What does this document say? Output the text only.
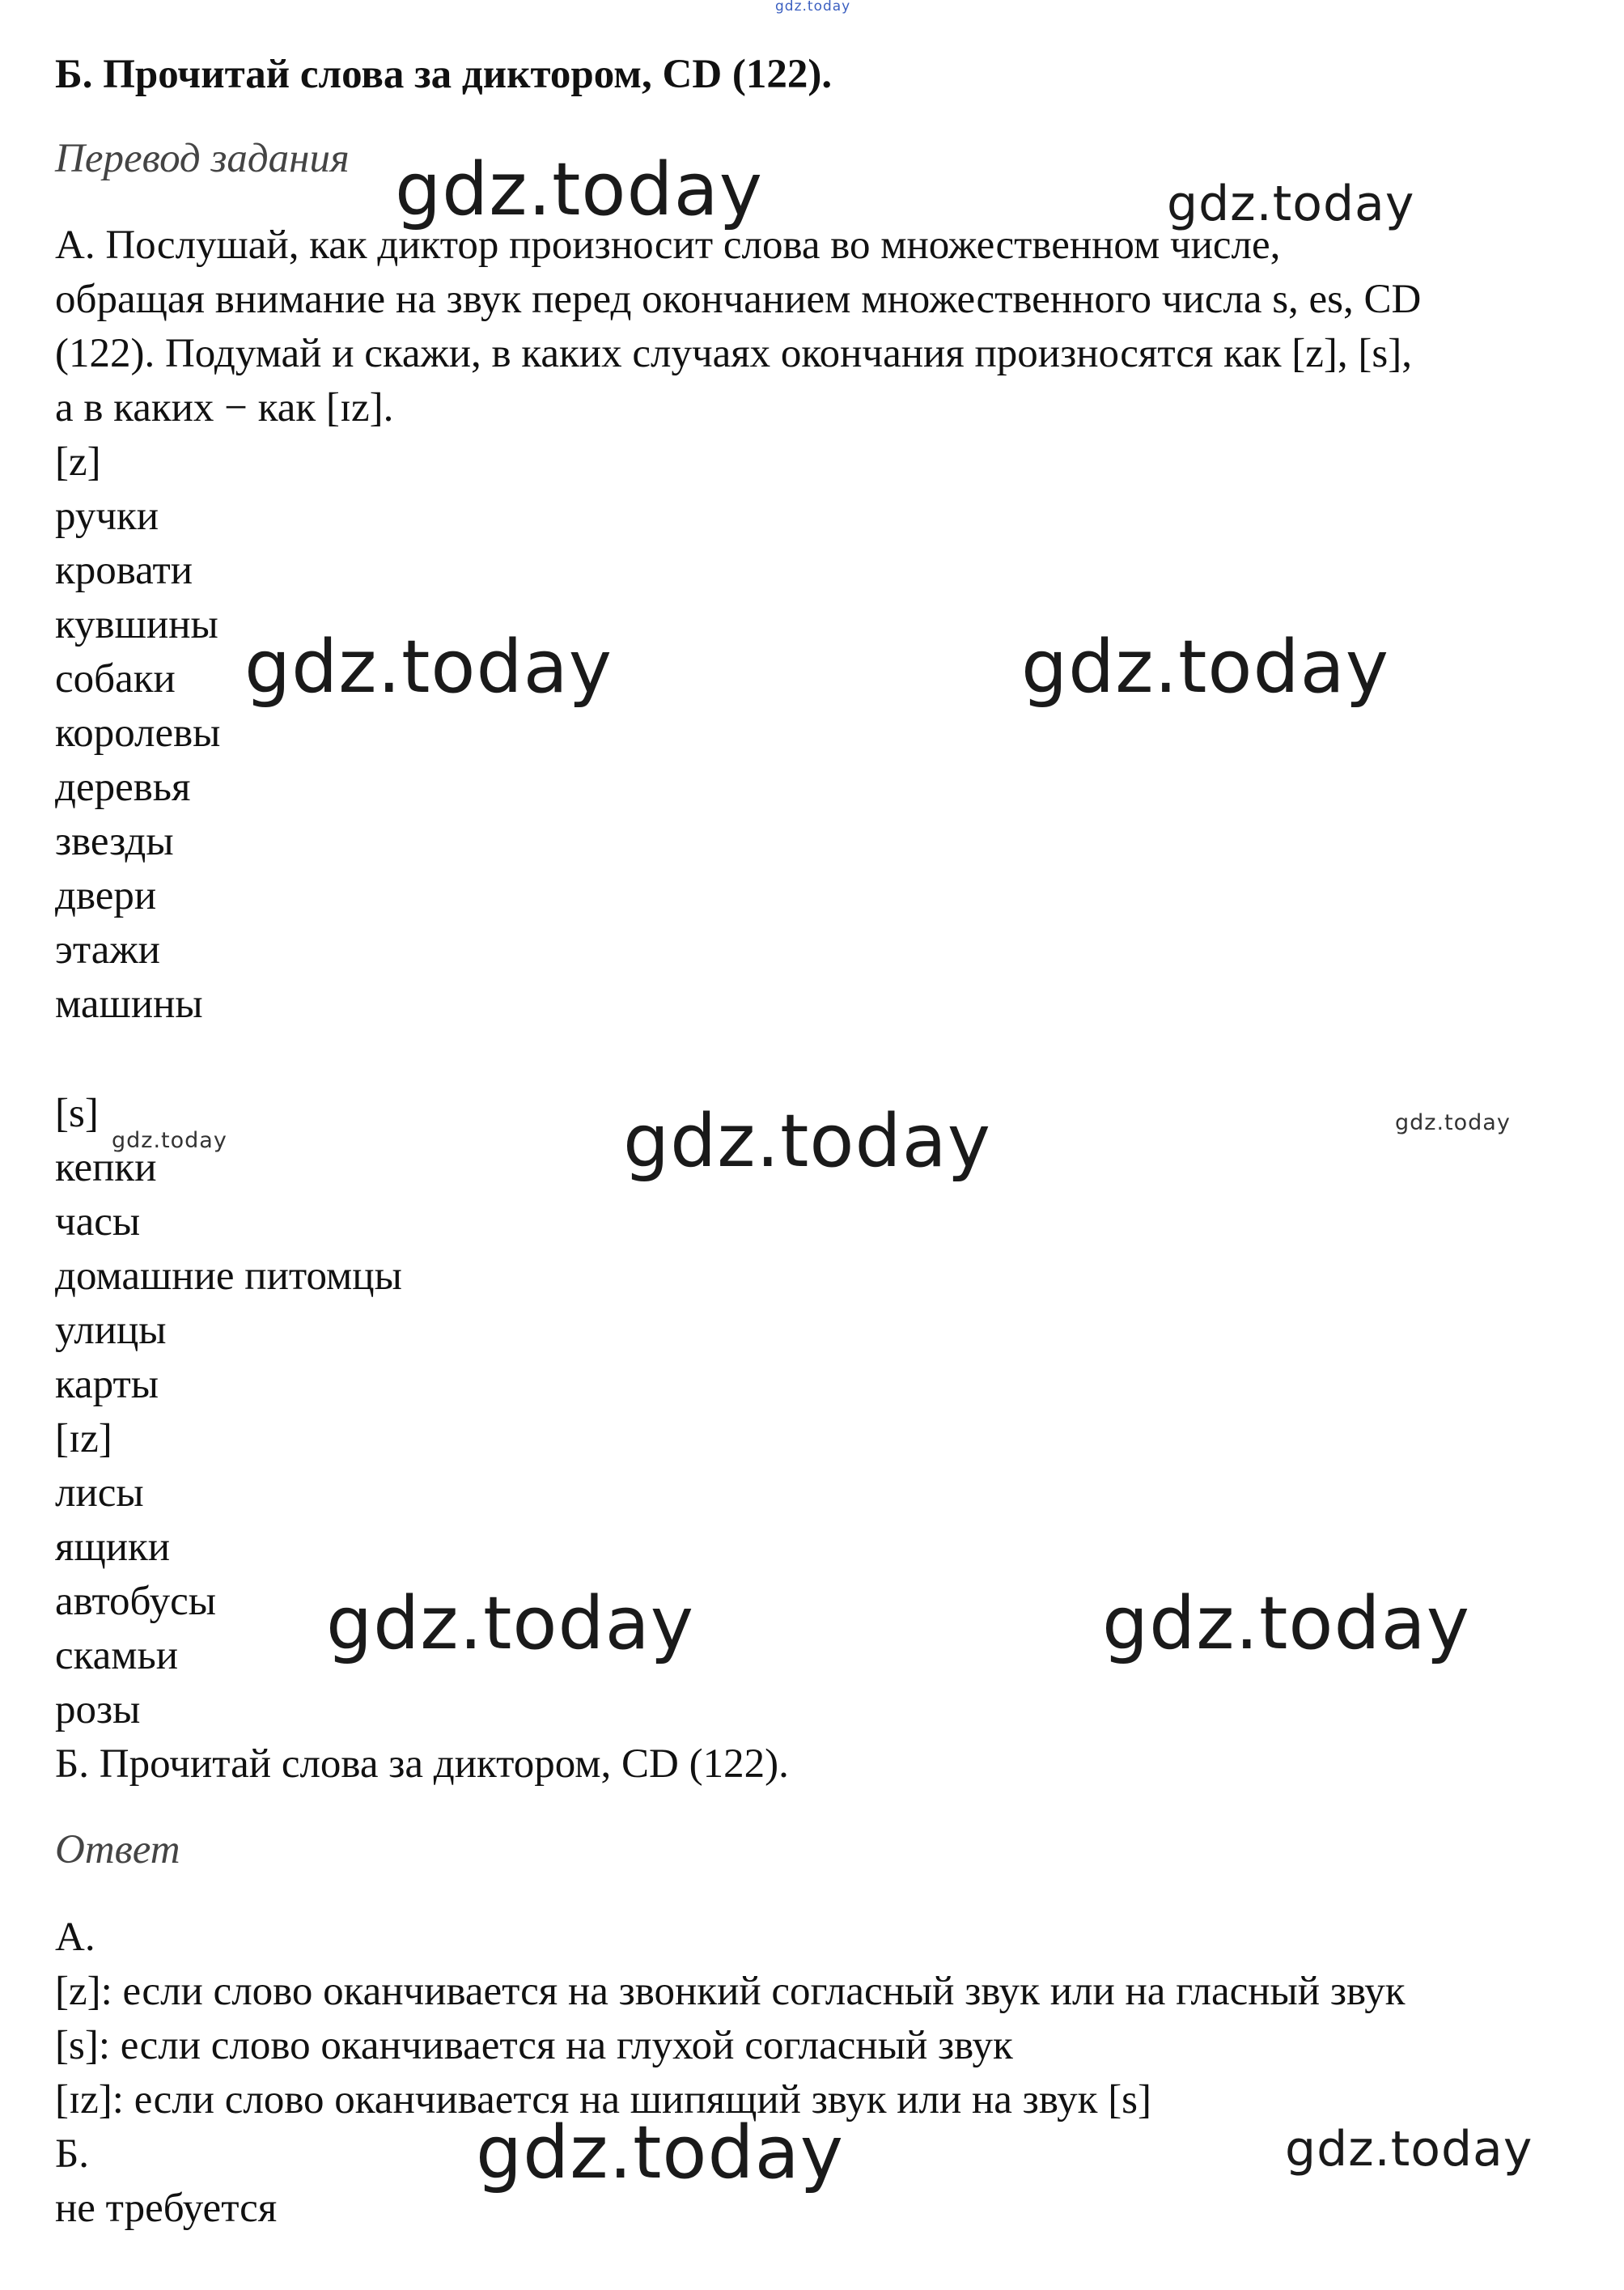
gdz.today

Б. Прочитай слова за диктором, CD (122).

Перевод задания

А. Послушай, как диктор произносит слова во множественном числе,

обращая внимание на звук перед окончанием множественного числа s, es, CD

(122). Подумай и скажи, в каких случаях окончания произносятся как [z], [s],

а в каких − как [ɪz].

[z]

ручки

кровати

кувшины

собаки

королевы

деревья

звезды

двери

этажи

машины

[s]

кепки

часы

домашние питомцы

улицы

карты

[ɪz]

лисы

ящики

автобусы

скамьи

розы

Б. Прочитай слова за диктором, CD (122).

Ответ

А.

[z]: если слово оканчивается на звонкий согласный звук или на гласный звук

[s]: если слово оканчивается на глухой согласный звук

[ɪz]: если слово оканчивается на шипящий звук или на звук [s]

Б.

не требуется

gdz.today	gdz.today
gdz.today	gdz.today
gdz.today	gdz.today	gdz.today
gdz.today	gdz.today
gdz.today	gdz.today
